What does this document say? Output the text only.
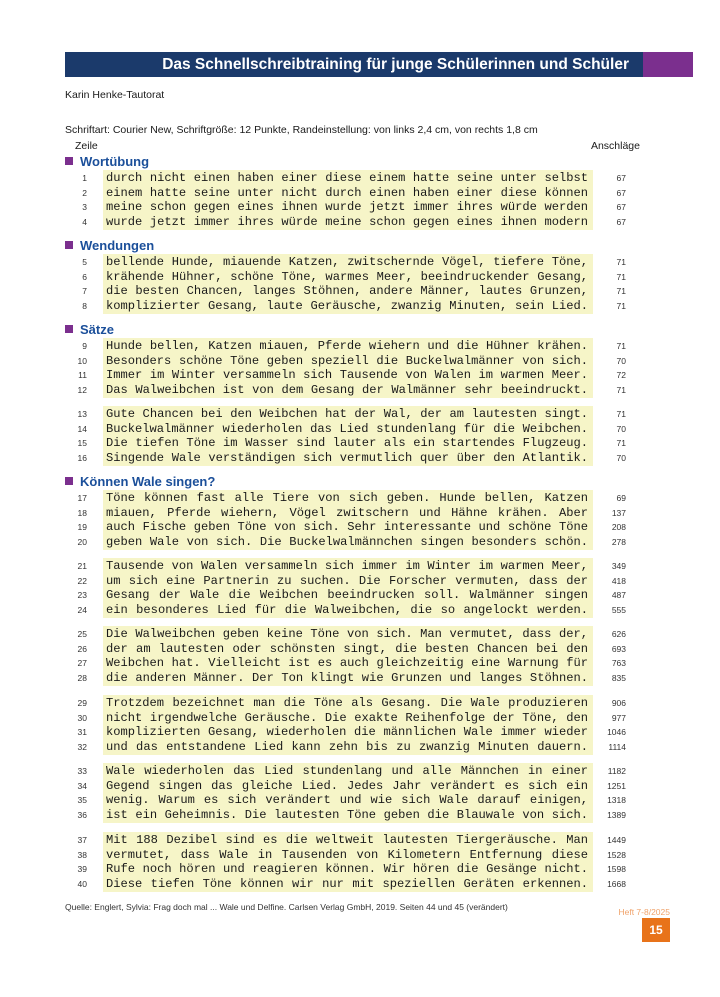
Das Schnellschreibtraining für junge Schülerinnen und Schüler
Karin Henke-Tautorat
Schriftart: Courier New, Schriftgröße: 12 Punkte, Randeinstellung: von links 2,4 cm, von rechts 1,8 cm
Zeile	Anschläge
Wortübung
1 durch nicht einen haben einer diese einem hatte seine unter selbst	67
2 einem hatte seine unter nicht durch einen haben einer diese können	67
3 meine schon gegen eines ihnen wurde jetzt immer ihres würde werden	67
4 wurde jetzt immer ihres würde meine schon gegen eines ihnen modern	67
Wendungen
5 bellende Hunde, miauende Katzen, zwitschernde Vögel, tiefere Töne,	71
6 krähende Hühner, schöne Töne, warmes Meer, beeindruckender Gesang,	71
7 die besten Chancen, langes Stöhnen, andere Männer, lautes Grunzen,	71
8 komplizierter Gesang, laute Geräusche, zwanzig Minuten, sein Lied.	71
Sätze
9 Hunde bellen, Katzen miauen, Pferde wiehern und die Hühner krähen.	71
10 Besonders schöne Töne geben speziell die Buckelwalmänner von sich.	70
11 Immer im Winter versammeln sich Tausende von Walen im warmen Meer.	72
12 Das Walweibchen ist von dem Gesang der Walmänner sehr beeindruckt.	71
13 Gute Chancen bei den Weibchen hat der Wal, der am lautesten singt.	71
14 Buckelwalmänner wiederholen das Lied stundenlang für die Weibchen.	70
15 Die tiefen Töne im Wasser sind lauter als ein startendes Flugzeug.	71
16 Singende Wale verständigen sich vermutlich quer über den Atlantik.	70
Können Wale singen?
17 Töne können fast alle Tiere von sich geben. Hunde bellen, Katzen	69
18 miauen, Pferde wiehern, Vögel zwitschern und Hähne krähen. Aber	137
19 auch Fische geben Töne von sich. Sehr interessante und schöne Töne	208
20 geben Wale von sich. Die Buckelwalmännchen singen besonders schön.	278
21 Tausende von Walen versammeln sich immer im Winter im warmen Meer,	349
22 um sich eine Partnerin zu suchen. Die Forscher vermuten, dass der	418
23 Gesang der Wale die Weibchen beeindrucken soll. Walmänner singen	487
24 ein besonderes Lied für die Walweibchen, die so angelockt werden.	555
25 Die Walweibchen geben keine Töne von sich. Man vermutet, dass der,	626
26 der am lautesten oder schönsten singt, die besten Chancen bei den	693
27 Weibchen hat. Vielleicht ist es auch gleichzeitig eine Warnung für	763
28 die anderen Männer. Der Ton klingt wie Grunzen und langes Stöhnen.	835
29 Trotzdem bezeichnet man die Töne als Gesang. Die Wale produzieren	906
30 nicht irgendwelche Geräusche. Die exakte Reihenfolge der Töne, den	977
31 komplizierten Gesang, wiederholen die männlichen Wale immer wieder	1046
32 und das entstandene Lied kann zehn bis zu zwanzig Minuten dauern.	1114
33 Wale wiederholen das Lied stundenlang und alle Männchen in einer	1182
34 Gegend singen das gleiche Lied. Jedes Jahr verändert es sich ein	1251
35 wenig. Warum es sich verändert und wie sich Wale darauf einigen,	1318
36 ist ein Geheimnis. Die lautesten Töne geben die Blauwale von sich.	1389
37 Mit 188 Dezibel sind es die weltweit lautesten Tiergeräusche. Man	1449
38 vermutet, dass Wale in Tausenden von Kilometern Entfernung diese	1528
39 Rufe noch hören und reagieren können. Wir hören die Gesänge nicht.	1598
40 Diese tiefen Töne können wir nur mit speziellen Geräten erkennen.	1668
Quelle: Englert, Sylvia: Frag doch mal ... Wale und Delfine. Carlsen Verlag GmbH, 2019. Seiten 44 und 45 (verändert)	Heft 7-8/2025
15
